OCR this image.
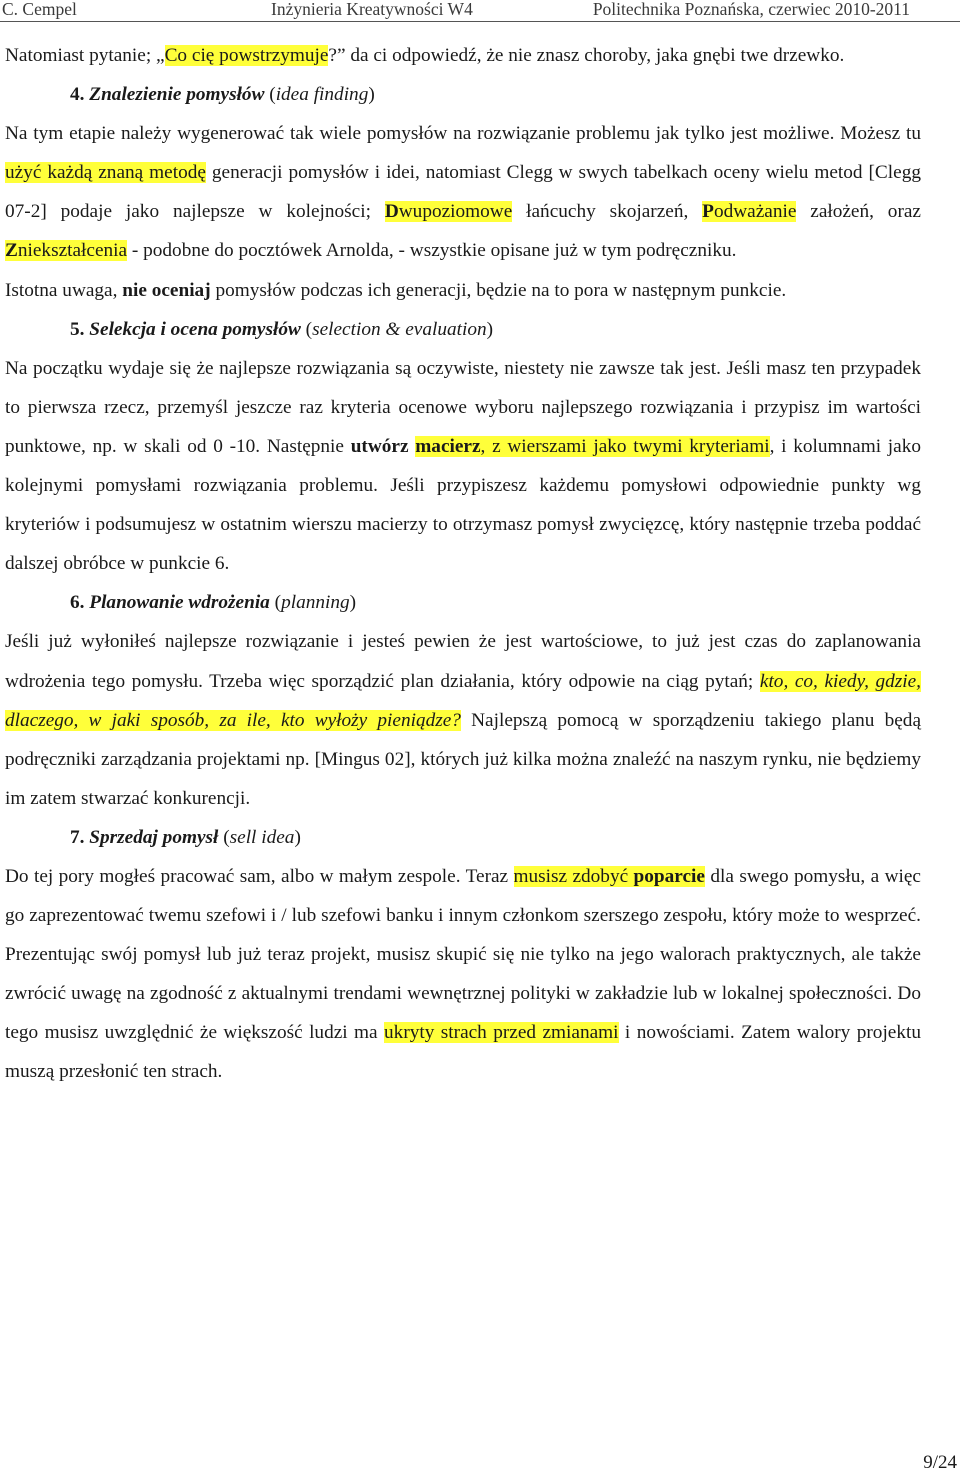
C. Cempel	Inżynieria Kreatywności W4	Politechnika Poznańska, czerwiec 2010-2011

Natomiast pytanie; „Co cię powstrzymuje?” da ci odpowiedź, że nie znasz choroby, jaka gnębi twe drzewko.

4. Znalezienie pomysłów (idea finding)

Na tym etapie należy wygenerować tak wiele pomysłów na rozwiązanie problemu jak tylko jest możliwe. Możesz tu użyć każdą znaną metodę generacji pomysłów i idei, natomiast Clegg w swych tabelkach oceny wielu metod [Clegg 07-2] podaje jako najlepsze w kolejności; Dwupoziomowe łańcuchy skojarzeń, Podważanie założeń, oraz Zniekształcenia - podobne do pocztówek Arnolda, - wszystkie opisane już w tym podręczniku.

Istotna uwaga, nie oceniaj pomysłów podczas ich generacji, będzie na to pora w następnym punkcie.

5. Selekcja i ocena pomysłów (selection & evaluation)

Na początku wydaje się że najlepsze rozwiązania są oczywiste, niestety nie zawsze tak jest. Jeśli masz ten przypadek to pierwsza rzecz, przemyśl jeszcze raz kryteria ocenowe wyboru najlepszego rozwiązania i przypisz im wartości punktowe, np. w skali od 0 -10. Następnie utwórz macierz, z wierszami jako twymi kryteriami, i kolumnami jako kolejnymi pomysłami rozwiązania problemu. Jeśli przypiszesz każdemu pomysłowi odpowiednie punkty wg kryteriów i podsumujesz w ostatnim wierszu macierzy to otrzymasz pomysł zwycięzcę, który następnie trzeba poddać dalszej obróbce w punkcie 6.

6. Planowanie wdrożenia (planning)

Jeśli już wyłoniłeś najlepsze rozwiązanie i jesteś pewien że jest wartościowe, to już jest czas do zaplanowania wdrożenia tego pomysłu. Trzeba więc sporządzić plan działania, który odpowie na ciąg pytań; kto, co, kiedy, gdzie, dlaczego, w jaki sposób, za ile, kto wyłoży pieniądze? Najlepszą pomocą w sporządzeniu takiego planu będą podręczniki zarządzania projektami np. [Mingus 02], których już kilka można znaleźć na naszym rynku, nie będziemy im zatem stwarzać konkurencji.

7. Sprzedaj pomysł (sell idea)

Do tej pory mogłeś pracować sam, albo w małym zespole. Teraz musisz zdobyć poparcie dla swego pomysłu, a więc go zaprezentować twemu szefowi i / lub szefowi banku i innym członkom szerszego zespołu, który może to wesprzeć. Prezentując swój pomysł lub już teraz projekt, musisz skupić się nie tylko na jego walorach praktycznych, ale także zwrócić uwagę na zgodność z aktualnymi trendami wewnętrznej polityki w zakładzie lub w lokalnej społeczności. Do tego musisz uwzględnić że większość ludzi ma ukryty strach przed zmianami i nowościami. Zatem walory projektu muszą przesłonić ten strach.

9/24
